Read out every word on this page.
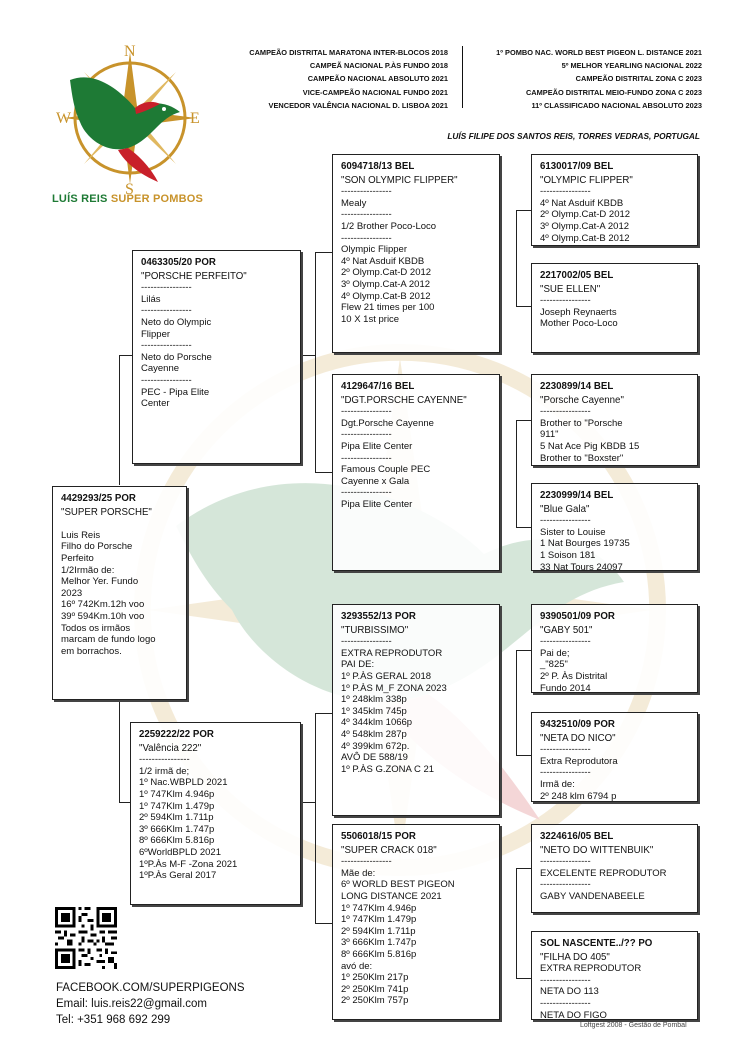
N
S
E
W
LUÍS REIS SUPER POMBOS
CAMPEÃO DISTRITAL MARATONA INTER-BLOCOS 2018
CAMPEÃ NACIONAL P.ÀS FUNDO 2018
CAMPEÃO NACIONAL ABSOLUTO 2021
VICE-CAMPEÃO NACIONAL FUNDO 2021
VENCEDOR VALÊNCIA NACIONAL D. LISBOA 2021
1º POMBO NAC. WORLD BEST PIGEON L. DISTANCE 2021
5º MELHOR YEARLING NACIONAL 2022
CAMPEÃO DISTRITAL ZONA C 2023
CAMPEÃO DISTRITAL MEIO-FUNDO ZONA C 2023
11º CLASSIFICADO NACIONAL ABSOLUTO 2023
LUÍS FILIPE DOS SANTOS REIS, TORRES VEDRAS, PORTUGAL
4429293/25 POR
"SUPER PORSCHE"

Luis Reis
Filho do Porsche
Perfeito
1/2Irmão de:
Melhor Yer. Fundo
2023
16º 742Km.12h voo
39º 594Km.10h voo
Todos os irmãos
marcam de fundo logo
em borrachos.
0463305/20 POR
"PORSCHE PERFEITO"
----------------
Lilás
----------------
Neto do Olympic
Flipper
----------------
Neto do Porsche
Cayenne
----------------
PEC - Pipa Elite
Center
2259222/22 POR
"Valência 222"
----------------
1/2 irmã de;
1º Nac.WBPLD 2021
1º 747Klm 4.946p
1º 747Klm 1.479p
2º 594Klm 1.711p
3º 666Klm 1.747p
8º 666Klm 5.816p
6ºWorldBPLD 2021
1ºP.Às M-F -Zona 2021
1ºP.Às Geral 2017
6094718/13 BEL
"SON OLYMPIC FLIPPER"
----------------
Mealy
----------------
1/2 Brother Poco-Loco
----------------
Olympic Flipper
4º Nat Asduif KBDB
2º Olymp.Cat-D 2012
3º Olymp.Cat-A 2012
4º Olymp.Cat-B 2012
Flew 21 times per 100
10 X 1st price
4129647/16 BEL
"DGT.PORSCHE CAYENNE"
----------------
Dgt.Porsche Cayenne
----------------
Pipa Elite Center
----------------
Famous Couple PEC
Cayenne x Gala
----------------
Pipa Elite Center
3293552/13 POR
"TURBISSIMO"
----------------
EXTRA REPRODUTOR
PAI DE:
1º P.ÀS GERAL 2018
1º P.ÀS M_F ZONA 2023
1º 248klm 338p
1º 345klm 745p
4º 344klm 1066p
4º 548klm 287p
4º 399klm 672p.
AVÔ DE 588/19
1º P.ÀS G.ZONA C 21
5506018/15 POR
"SUPER CRACK 018"
----------------
Mãe de:
6º WORLD BEST PIGEON
LONG DISTANCE 2021
1º 747Klm 4.946p
1º 747Klm 1.479p
2º 594Klm 1.711p
3º 666Klm 1.747p
8º 666Klm 5.816p
avó de:
1º 250Klm 217p
2º 250Klm 741p
2º 250Klm 757p
6130017/09 BEL
"OLYMPIC FLIPPER"
----------------
4º Nat Asduif KBDB
2º Olymp.Cat-D 2012
3º Olymp.Cat-A 2012
4º Olymp.Cat-B 2012
2217002/05 BEL
"SUE ELLEN"
----------------
Joseph Reynaerts
Mother Poco-Loco
2230899/14 BEL
"Porsche Cayenne"
----------------
Brother to "Porsche
911"
5 Nat Ace Pig KBDB 15
Brother to "Boxster"
2230999/14 BEL
"Blue Gala"
----------------
Sister to Louise
1 Nat Bourges 19735
1 Soison 181
33 Nat Tours 24097
9390501/09 POR
"GABY 501"
----------------
Pai de;
_"825"
2º P. Às Distrital
Fundo 2014
9432510/09 POR
"NETA DO NICO"
----------------
Extra Reprodutora
----------------
Irmã de:
2º 248 klm 6794 p
3224616/05 BEL
"NETO DO WITTENBUIK"
----------------
EXCELENTE REPRODUTOR
----------------
GABY VANDENABEELE
SOL NASCENTE../?? PO
"FILHA DO 405"
EXTRA REPRODUTOR
----------------
NETA DO 113
----------------
NETA DO FIGO
FACEBOOK.COM/SUPERPIGEONS
Email: luis.reis22@gmail.com
Tel: +351 968 692 299	Loftgest 2008 - Gestão de Pombal
